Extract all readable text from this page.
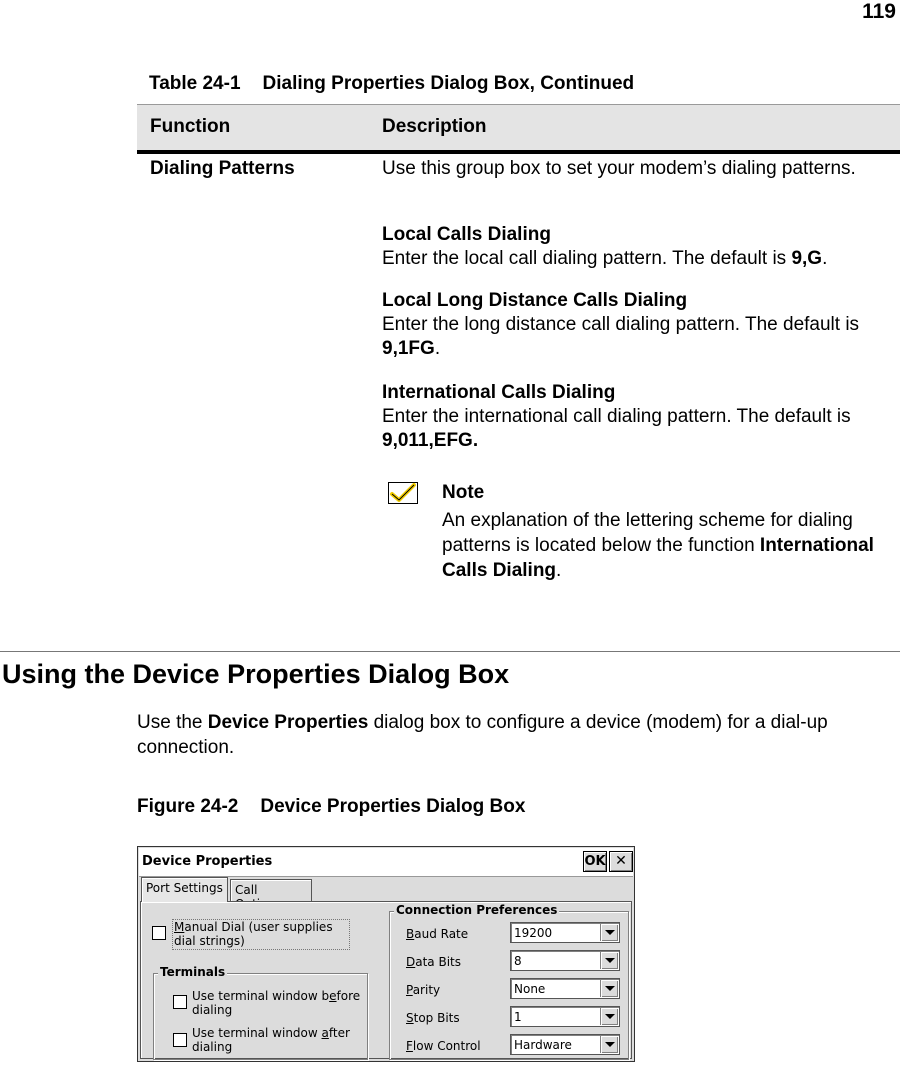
119
Table 24-1 Dialing Properties Dialog Box, Continued
Function	Description
Dialing Patterns	Use this group box to set your modem’s dialing patterns.
Local Calls Dialing
Enter the local call dialing pattern. The default is 9,G.
Local Long Distance Calls Dialing
Enter the long distance call dialing pattern. The default is 9,1FG.
International Calls Dialing
Enter the international call dialing pattern. The default is 9,011,EFG.
Note
An explanation of the lettering scheme for dialing patterns is located below the function International Calls Dialing.
Using the Device Properties Dialog Box
Use the Device Properties dialog box to configure a device (modem) for a dial-up connection.
Figure 24-2 Device Properties Dialog Box
Device Properties	OK ✕
Port Settings	Call
Manual Dial (user supplies dial strings)
Terminals
Use terminal window before dialing
Use terminal window after dialing
Connection Preferences
Baud Rate	19200
Data Bits	8
Parity	None
Stop Bits	1
Flow Control	Hardware
